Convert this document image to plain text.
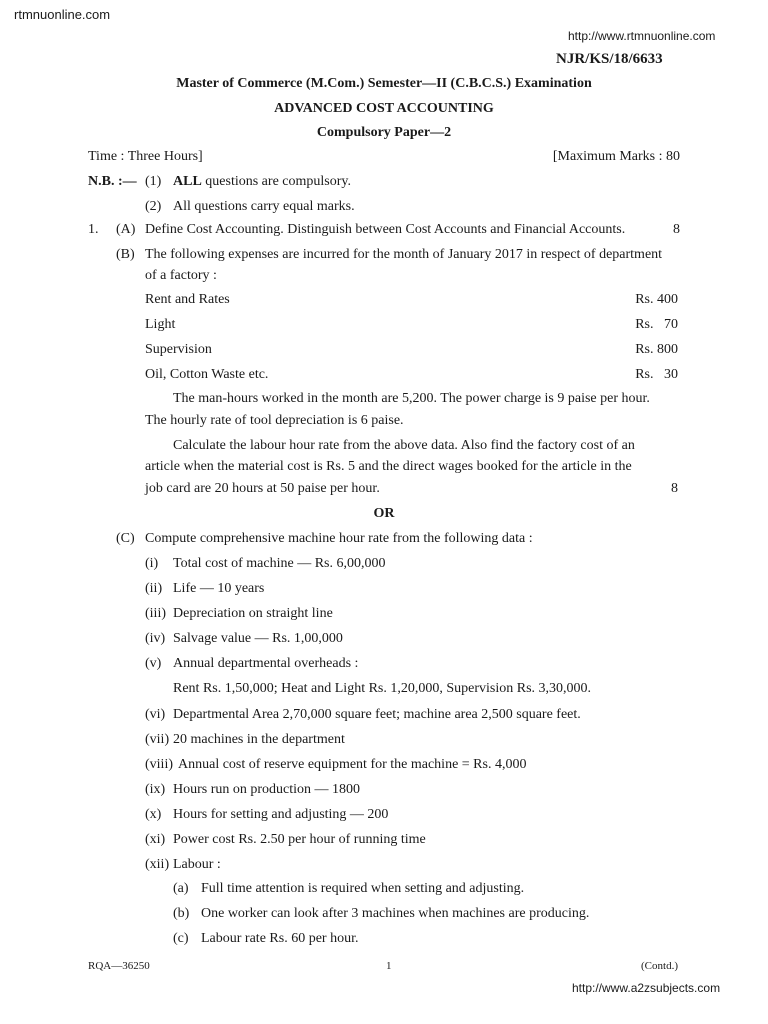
rtmnuonline.com
http://www.rtmnuonline.com
NJR/KS/18/6633
Master of Commerce (M.Com.) Semester—II (C.B.C.S.) Examination
ADVANCED COST ACCOUNTING
Compulsory Paper—2
Time : Three Hours]	[Maximum Marks : 80
N.B. :— (1) ALL questions are compulsory.
(2) All questions carry equal marks.
1. (A) Define Cost Accounting. Distinguish between Cost Accounts and Financial Accounts.	8
(B) The following expenses are incurred for the month of January 2017 in respect of department
of a factory :
Rent and Rates	Rs. 400
Light	Rs.   70
Supervision	Rs. 800
Oil, Cotton Waste etc.	Rs.   30
The man-hours worked in the month are 5,200. The power charge is 9 paise per hour.
The hourly rate of tool depreciation is 6 paise.
Calculate the labour hour rate from the above data. Also find the factory cost of an
article when the material cost is Rs. 5 and the direct wages booked for the article in the
job card are 20 hours at 50 paise per hour.	8
OR
(C) Compute comprehensive machine hour rate from the following data :
(i) Total cost of machine — Rs. 6,00,000
(ii) Life — 10 years
(iii) Depreciation on straight line
(iv) Salvage value — Rs. 1,00,000
(v) Annual departmental overheads :
Rent Rs. 1,50,000; Heat and Light Rs. 1,20,000, Supervision Rs. 3,30,000.
(vi) Departmental Area 2,70,000 square feet; machine area 2,500 square feet.
(vii) 20 machines in the department
(viii) Annual cost of reserve equipment for the machine = Rs. 4,000
(ix) Hours run on production — 1800
(x) Hours for setting and adjusting — 200
(xi) Power cost Rs. 2.50 per hour of running time
(xii) Labour :
(a) Full time attention is required when setting and adjusting.
(b) One worker can look after 3 machines when machines are producing.
(c) Labour rate Rs. 60 per hour.
RQA—36250	1	(Contd.)
http://www.a2zsubjects.com
